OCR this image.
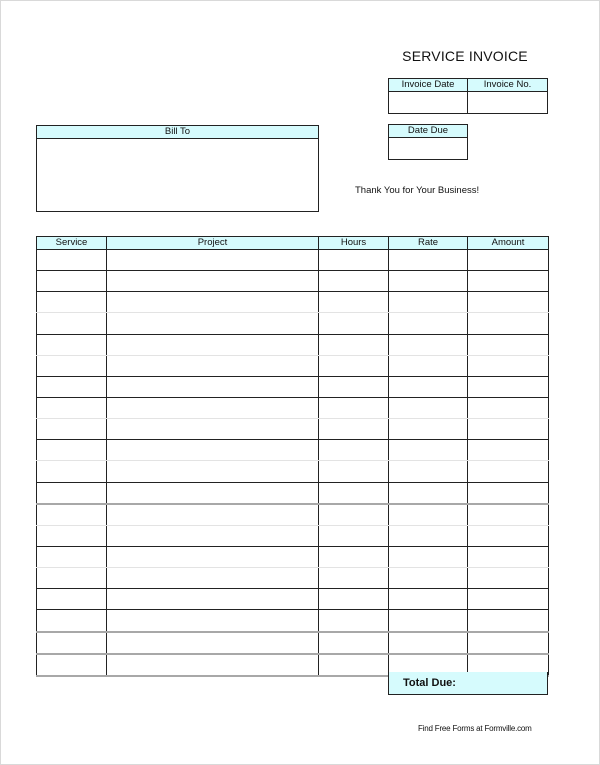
SERVICE INVOICE
Invoice Date	Invoice No.
Date Due
Bill To
Thank You for Your Business!
Service	Project	Hours	Rate	Amount

Total Due:
Find Free Forms at Formville.com
